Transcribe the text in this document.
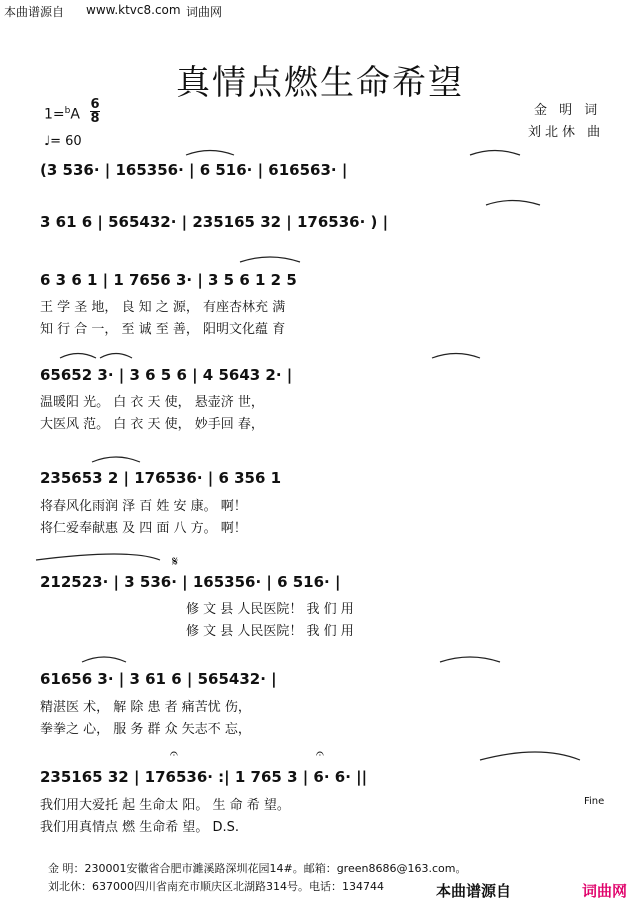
本曲谱源自 www.ktvc8.com 词曲网
真情点燃生命希望
1=$^b$A
6
8
♩= 60
金 明 词
刘北休 曲
(3 536· | 165356· | 6 516· | 616563· |
3 61 6 | 565432· | 235165 32 | 176536· ) |
6 3 6 1 | 1 7656 3· | 3 5 6 1 2 5
王 学 圣 地， 良 知 之 源， 有座杏林充 满
知 行 合 一， 至 诚 至 善， 阳明文化蕴 育
65652 3· | 3 6 5 6 | 4 5643 2· |
温暖阳 光。 白 衣 天 使， 悬壶济 世，
大医风 范。 白 衣 天 使， 妙手回 春，
235653 2 | 176536· | 6 356 1
将春风化雨润 泽 百 姓 安 康。 啊！
将仁爱奉献惠 及 四 面 八 方。 啊！
212523· | 3 536· | 165356· | 6 516· |
修 文 县 人民医院！ 我 们 用
修 文 县 人民医院！ 我 们 用
61656 3· | 3 61 6 | 565432· |
精湛医 术， 解 除 患 者 痛苦忧 伤，
拳拳之 心， 服 务 群 众 矢志不 忘，
235165 32 | 176536· :| 1 765 3 | 6· 6· ||
我们用大爱托 起 生命太 阳。 生 命 希 望。
我们用真情点 燃 生命希 望。 D.S.
𝄋
𝄐	𝄐
Fine
金 明：230001安徽省合肥市濉溪路深圳花园14#。邮箱：green8686@163.com。
刘北休：637000四川省南充市顺庆区北湖路314号。电话：134744	本曲谱源自	词曲网
